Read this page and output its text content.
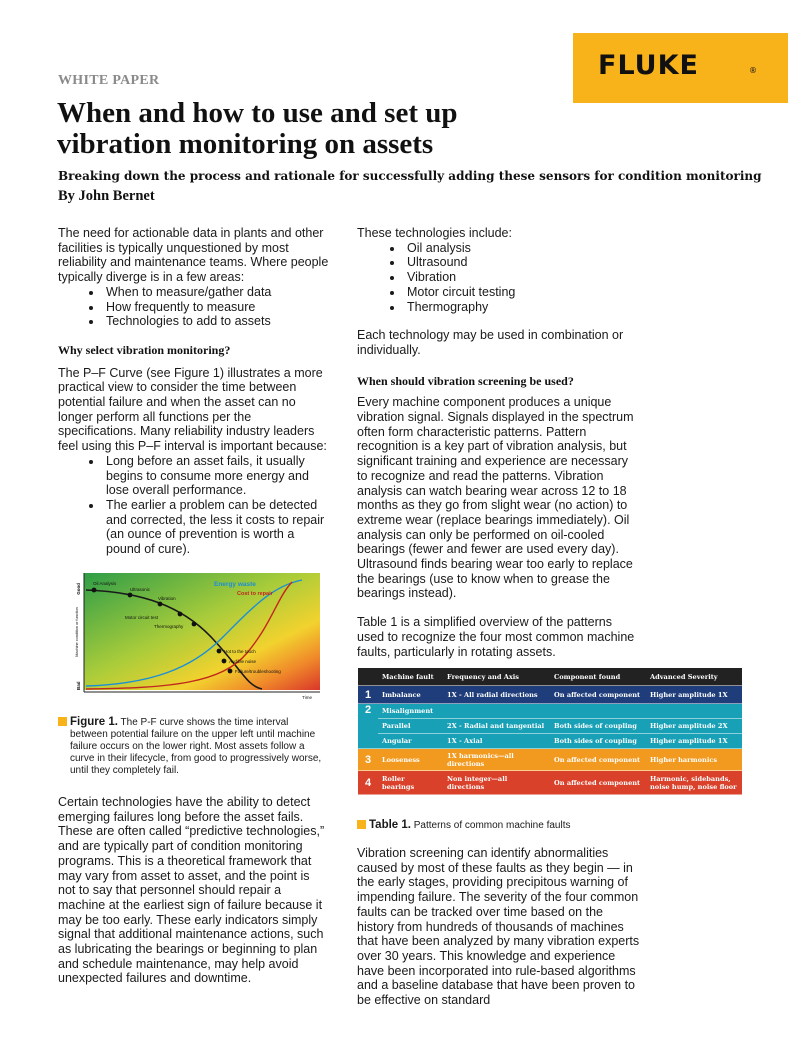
FLUKE	®
WHITE PAPER
When and how to use and set up vibration monitoring on assets
Breaking down the process and rationale for successfully adding these sensors for condition monitoring
By John Bernet

The need for actionable data in plants and other facilities is typically unquestioned by most reliability and maintenance teams. Where people typically diverge is in a few areas:

• When to measure/gather data
• How frequently to measure
• Technologies to add to assets
Why select vibration monitoring?

The P–F Curve (see Figure 1) illustrates a more practical view to consider the time between potential failure and when the asset can no longer perform all functions per the specifications. Many reliability industry leaders feel using this P–F interval is important because:

• Long before an asset fails, it usually begins to consume more energy and lose overall performance.
• The earlier a problem can be detected and corrected, the less it costs to repair (an ounce of prevention is worth a pound of cure).
Oil Analysis
Ultrasonic
Vibration
Motor circuit test
Thermography
Hot to the touch
Audible noise
Failure/troubleshooting
Time
Good
Bad
Machine condition or function
Energy waste
Cost to repair
Figure 1. The P-F curve shows the time interval
between potential failure on the upper left until machine failure occurs on the lower right. Most assets follow a curve in their lifecycle, from good to progressively worse, until they completely fail.
Certain technologies have the ability to detect emerging failures long before the asset fails. These are often called “predictive technologies,” and are typically part of condition monitoring programs. This is a theoretical framework that may vary from asset to asset, and the point is not to say that personnel should repair a machine at the earliest sign of failure because it may be too early. These early indicators simply signal that additional maintenance actions, such as lubricating the bearings or beginning to plan and schedule maintenance, may help avoid unexpected failures and downtime.

These technologies include:

• Oil analysis
• Ultrasound
• Vibration
• Motor circuit testing
• Thermography

Each technology may be used in combination or individually.

When should vibration screening be used?

Every machine component produces a unique vibration signal. Signals displayed in the spectrum often form characteristic patterns. Pattern recognition is a key part of vibration analysis, but significant training and experience are necessary to recognize and read the patterns. Vibration analysis can watch bearing wear across 12 to 18 months as they go from slight wear (no action) to extreme wear (replace bearings immediately). Oil analysis can only be performed on oil-cooled bearings (fewer and fewer are used every day). Ultrasound finds bearing wear too early to replace the bearings (use to know when to grease the bearings instead).

Table 1 is a simplified overview of the patterns used to recognize the four most common machine faults, particularly in rotating assets.

	Machine fault	Frequency and Axis	Component found	Advanced Severity
1	Imbalance	1X - All radial directions	On affected component	Higher amplitude 1X
2	Misalignment			
	Parallel	2X - Radial and tangential	Both sides of coupling	Higher amplitude 2X
	Angular	1X - Axial	Both sides of coupling	Higher amplitude 1X
3	Looseness	1X harmonics—all directions	On affected component	Higher harmonics
4	Roller bearings	Non integer—all directions	On affected component	Harmonic, sidebands, noise hump, noise floor
Table 1. Patterns of common machine faults
Vibration screening can identify abnormalities caused by most of these faults as they begin — in the early stages, providing precipitous warning of impending failure. The severity of the four common faults can be tracked over time based on the history from hundreds of thousands of machines that have been analyzed by many vibration experts over 30 years. This knowledge and experience have been incorporated into rule-based algorithms and a baseline database that have been proven to be effective on standard
